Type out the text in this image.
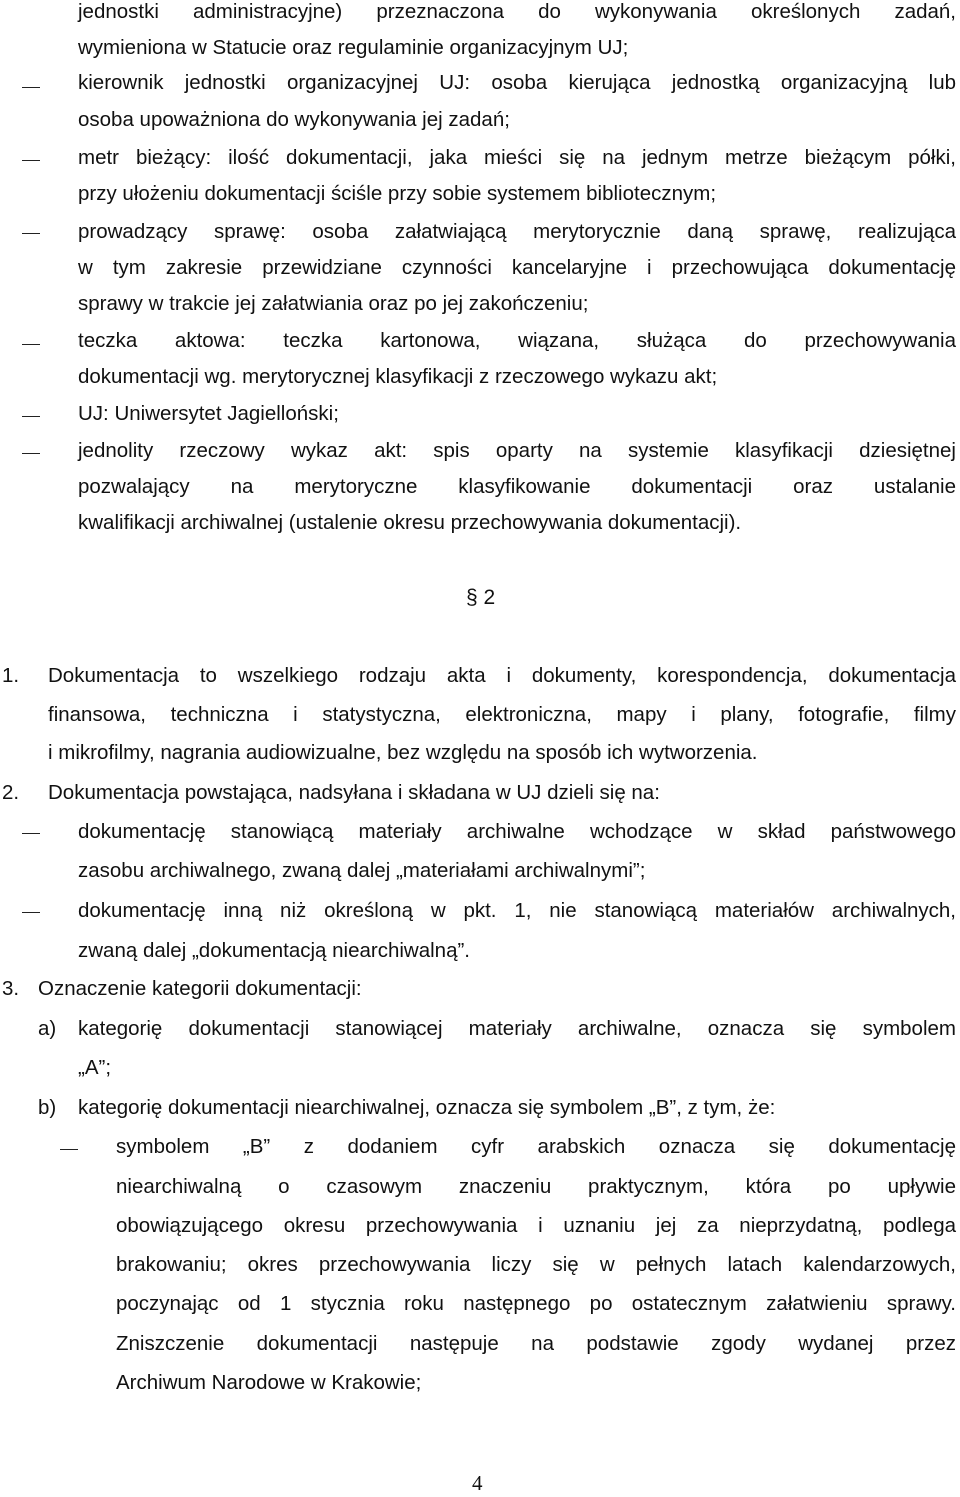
jednostki administracyjne) przeznaczona do wykonywania określonych zadań,
wymieniona w Statucie oraz regulaminie organizacyjnym UJ;
kierownik jednostki organizacyjnej UJ: osoba kierująca jednostką organizacyjną lub
osoba upoważniona do wykonywania jej zadań;
metr bieżący: ilość dokumentacji, jaka mieści się na jednym metrze bieżącym półki,
przy ułożeniu dokumentacji ściśle przy sobie systemem bibliotecznym;
prowadzący sprawę: osoba załatwiającą merytorycznie daną sprawę, realizująca
w tym zakresie przewidziane czynności kancelaryjne i przechowująca dokumentację
sprawy w trakcie jej załatwiania oraz po jej zakończeniu;
teczka aktowa: teczka kartonowa, wiązana, służąca do przechowywania
dokumentacji wg. merytorycznej klasyfikacji z rzeczowego wykazu akt;
UJ: Uniwersytet Jagielloński;
jednolity rzeczowy wykaz akt: spis oparty na systemie klasyfikacji dziesiętnej
pozwalający na merytoryczne klasyfikowanie dokumentacji oraz ustalanie
kwalifikacji archiwalnej (ustalenie okresu przechowywania dokumentacji).
§ 2
1. Dokumentacja to wszelkiego rodzaju akta i dokumenty, korespondencja, dokumentacja
finansowa, techniczna i statystyczna, elektroniczna, mapy i plany, fotografie, filmy
i mikrofilmy, nagrania audiowizualne, bez względu na sposób ich wytworzenia.
2. Dokumentacja powstająca, nadsyłana i składana w UJ dzieli się na:
dokumentację stanowiącą materiały archiwalne wchodzące w skład państwowego
zasobu archiwalnego, zwaną dalej „materiałami archiwalnymi”;
dokumentację inną niż określoną w pkt. 1, nie stanowiącą materiałów archiwalnych,
zwaną dalej „dokumentacją niearchiwalną”.
3. Oznaczenie kategorii dokumentacji:
a) kategorię dokumentacji stanowiącej materiały archiwalne, oznacza się symbolem
„A”;
b) kategorię dokumentacji niearchiwalnej, oznacza się symbolem „B”, z tym, że:
symbolem „B” z dodaniem cyfr arabskich oznacza się dokumentację
niearchiwalną o czasowym znaczeniu praktycznym, która po upływie
obowiązującego okresu przechowywania i uznaniu jej za nieprzydatną, podlega
brakowaniu; okres przechowywania liczy się w pełnych latach kalendarzowych,
poczynając od 1 stycznia roku następnego po ostatecznym załatwieniu sprawy.
Zniszczenie dokumentacji następuje na podstawie zgody wydanej przez
Archiwum Narodowe w Krakowie;
4
